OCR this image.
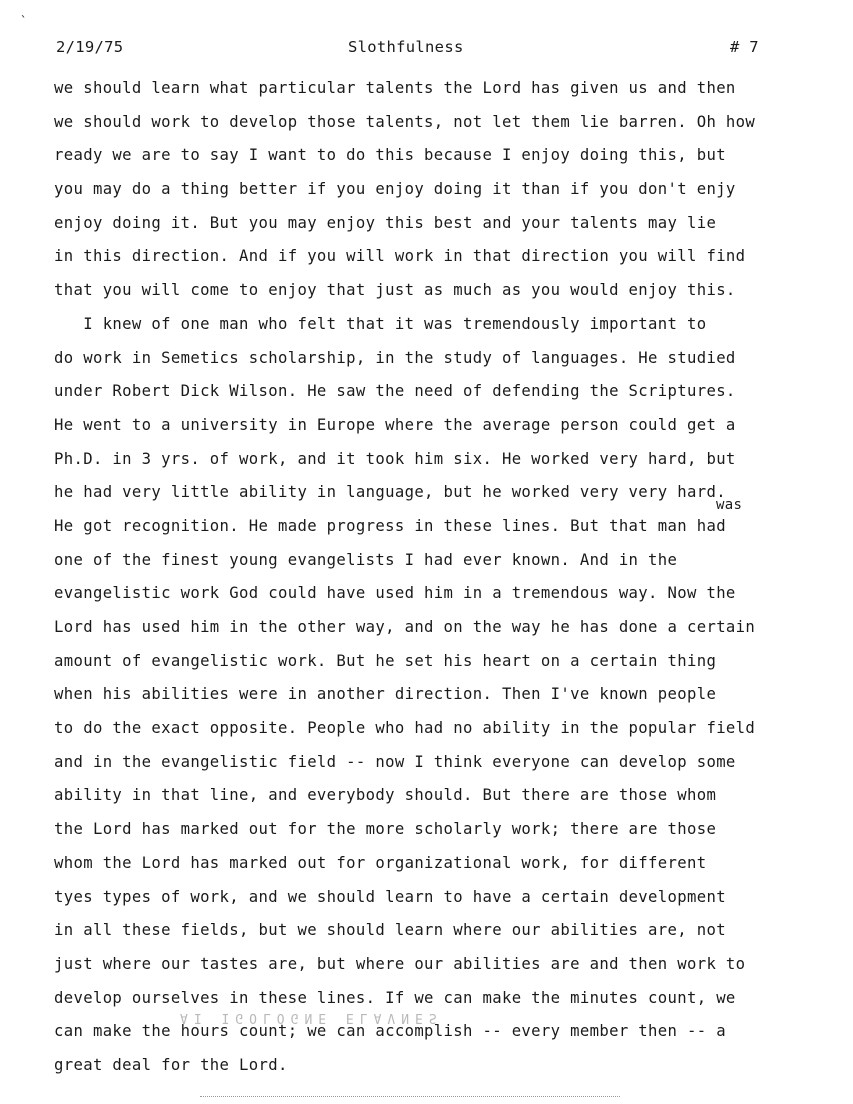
`
2/19/75	Slothfulness	# 7
we should learn what particular talents the Lord has given us and then
we should work to develop those talents, not let them lie barren. Oh how
ready we are to say I want to do this because I enjoy doing this, but
you may do a thing better if you enjoy doing it than if you don't enjy
enjoy doing it. But you may enjoy this best and your talents may lie
in this direction. And if you will work in that direction you will find
that you will come to enjoy that just as much as you would enjoy this.
I knew of one man who felt that it was tremendously important to
do work in Semetics scholarship, in the study of languages. He studied
under Robert Dick Wilson. He saw the need of defending the Scriptures.
He went to a university in Europe where the average person could get a
Ph.D. in 3 yrs. of work, and it took him six. He worked very hard, but
he had very little ability in language, but he worked very very hard.
He got recognition. He made progress in these lines. But that man had
one of the finest young evangelists I had ever known. And in the
evangelistic work God could have used him in a tremendous way. Now the
Lord has used him in the other way, and on the way he has done a certain
amount of evangelistic work. But he set his heart on a certain thing
when his abilities were in another direction. Then I've known people
to do the exact opposite. People who had no ability in the popular field
and in the evangelistic field -- now I think everyone can develop some
ability in that line, and everybody should. But there are those whom
the Lord has marked out for the more scholarly work; there are those
whom the Lord has marked out for organizational work, for different
tyes types of work, and we should learn to have a certain development
in all these fields, but we should learn where our abilities are, not
just where our tastes are, but where our abilities are and then work to
develop ourselves in these lines. If we can make the minutes count, we
can make the hours count; we can accomplish -- every member then -- a
great deal for the Lord.
was
AI IGOLOGNE ELAVNES
